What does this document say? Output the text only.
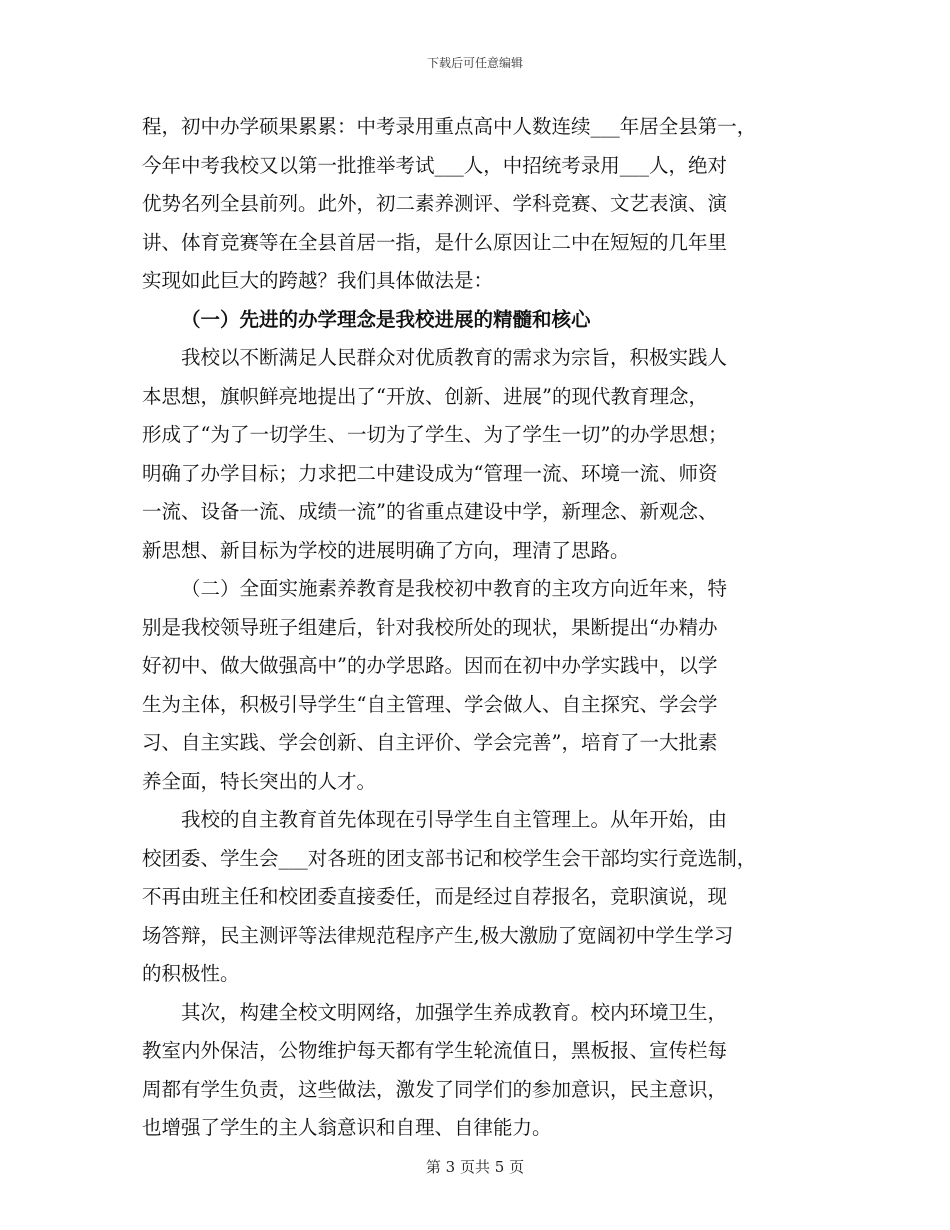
下载后可任意编辑
程，初中办学硕果累累：中考录用重点高中人数连续___年居全县第一，
今年中考我校又以第一批推举考试___人，中招统考录用___人，绝对
优势名列全县前列。此外，初二素养测评、学科竞赛、文艺表演、演
讲、体育竞赛等在全县首居一指，是什么原因让二中在短短的几年里
实现如此巨大的跨越？我们具体做法是：
（一）先进的办学理念是我校进展的精髓和核心
我校以不断满足人民群众对优质教育的需求为宗旨，积极实践人
本思想，旗帜鲜亮地提出了“开放、创新、进展”的现代教育理念，
形成了“为了一切学生、一切为了学生、为了学生一切”的办学思想；
明确了办学目标；力求把二中建设成为“管理一流、环境一流、师资
一流、设备一流、成绩一流”的省重点建设中学，新理念、新观念、
新思想、新目标为学校的进展明确了方向，理清了思路。
（二）全面实施素养教育是我校初中教育的主攻方向近年来，特
别是我校领导班子组建后，针对我校所处的现状，果断提出“办精办
好初中、做大做强高中”的办学思路。因而在初中办学实践中，以学
生为主体，积极引导学生“自主管理、学会做人、自主探究、学会学
习、自主实践、学会创新、自主评价、学会完善”，培育了一大批素
养全面，特长突出的人才。
我校的自主教育首先体现在引导学生自主管理上。从年开始，由
校团委、学生会___对各班的团支部书记和校学生会干部均实行竞选制，
不再由班主任和校团委直接委任，而是经过自荐报名，竞职演说，现
场答辩，民主测评等法律规范程序产生,极大激励了宽阔初中学生学习
的积极性。
其次，构建全校文明网络，加强学生养成教育。校内环境卫生，
教室内外保洁，公物维护每天都有学生轮流值日，黑板报、宣传栏每
周都有学生负责，这些做法，激发了同学们的参加意识，民主意识，
也增强了学生的主人翁意识和自理、自律能力。
第 3 页共 5 页
